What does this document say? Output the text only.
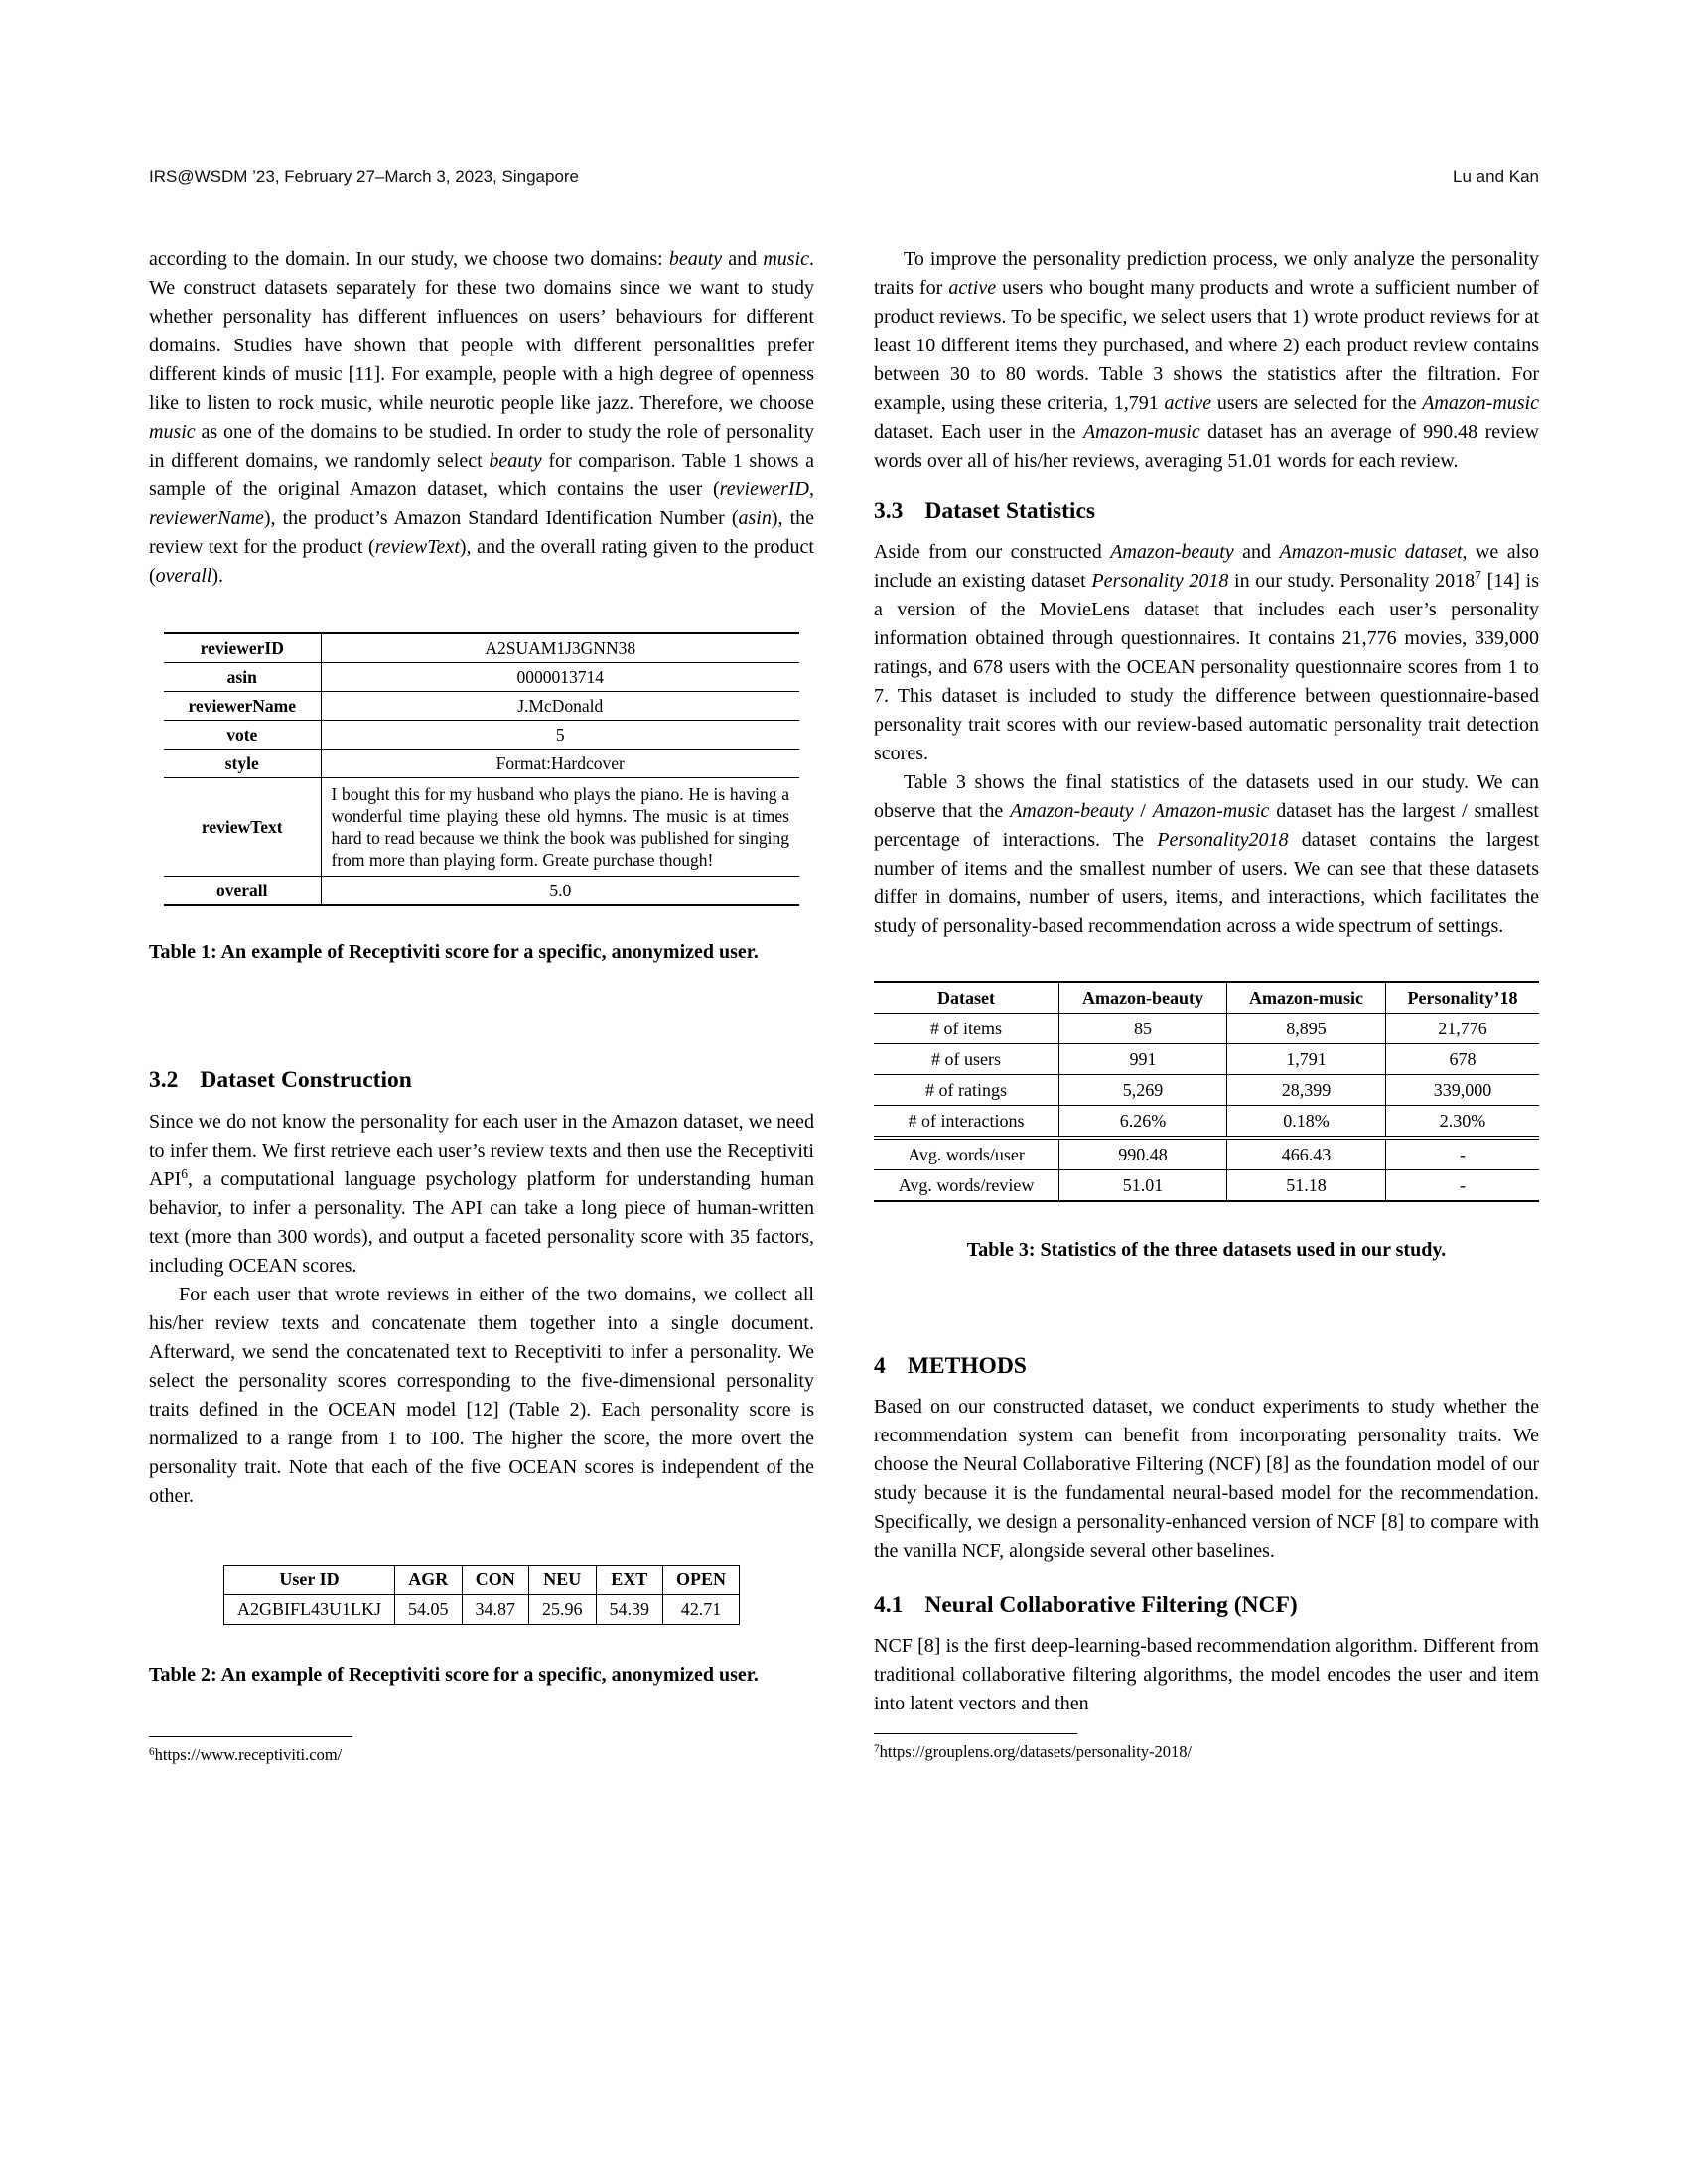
IRS@WSDM ’23, February 27–March 3, 2023, Singapore	Lu and Kan

according to the domain. In our study, we choose two domains: beauty and music. We construct datasets separately for these two domains since we want to study whether personality has different influences on users’ behaviours for different domains. Studies have shown that people with different personalities prefer different kinds of music [11]. For example, people with a high degree of openness like to listen to rock music, while neurotic people like jazz. Therefore, we choose music as one of the domains to be studied. In order to study the role of personality in different domains, we randomly select beauty for comparison. Table 1 shows a sample of the original Amazon dataset, which contains the user (reviewerID, reviewerName), the product’s Amazon Standard Identification Number (asin), the review text for the product (reviewText), and the overall rating given to the product (overall).

reviewerID	A2SUAM1J3GNN38
asin	0000013714
reviewerName	J.McDonald
vote	5
style	Format:Hardcover
reviewText	I bought this for my husband who plays the piano. He is having a wonderful time playing these old hymns. The music is at times hard to read because we think the book was published for singing from more than playing form. Greate purchase though!
overall	5.0

Table 1: An example of Receptiviti score for a specific, anonymized user.

3.2 Dataset Construction

Since we do not know the personality for each user in the Amazon dataset, we need to infer them. We first retrieve each user’s review texts and then use the Receptiviti API$^6$, a computational language psychology platform for understanding human behavior, to infer a personality. The API can take a long piece of human-written text (more than 300 words), and output a faceted personality score with 35 factors, including OCEAN scores.

For each user that wrote reviews in either of the two domains, we collect all his/her review texts and concatenate them together into a single document. Afterward, we send the concatenated text to Receptiviti to infer a personality. We select the personality scores corresponding to the five-dimensional personality traits defined in the OCEAN model [12] (Table 2). Each personality score is normalized to a range from 1 to 100. The higher the score, the more overt the personality trait. Note that each of the five OCEAN scores is independent of the other.

User ID	AGR	CON	NEU	EXT	OPEN
A2GBIFL43U1LKJ	54.05	34.87	25.96	54.39	42.71

Table 2: An example of Receptiviti score for a specific, anonymized user.

$^6$https://www.receptiviti.com/

To improve the personality prediction process, we only analyze the personality traits for active users who bought many products and wrote a sufficient number of product reviews. To be specific, we select users that 1) wrote product reviews for at least 10 different items they purchased, and where 2) each product review contains between 30 to 80 words. Table 3 shows the statistics after the filtration. For example, using these criteria, 1,791 active users are selected for the Amazon-music dataset. Each user in the Amazon-music dataset has an average of 990.48 review words over all of his/her reviews, averaging 51.01 words for each review.

3.3 Dataset Statistics

Aside from our constructed Amazon-beauty and Amazon-music dataset, we also include an existing dataset Personality 2018 in our study. Personality 2018$^7$ [14] is a version of the MovieLens dataset that includes each user’s personality information obtained through questionnaires. It contains 21,776 movies, 339,000 ratings, and 678 users with the OCEAN personality questionnaire scores from 1 to 7. This dataset is included to study the difference between questionnaire-based personality trait scores with our review-based automatic personality trait detection scores.

Table 3 shows the final statistics of the datasets used in our study. We can observe that the Amazon-beauty / Amazon-music dataset has the largest / smallest percentage of interactions. The Personality2018 dataset contains the largest number of items and the smallest number of users. We can see that these datasets differ in domains, number of users, items, and interactions, which facilitates the study of personality-based recommendation across a wide spectrum of settings.

Dataset	Amazon-beauty	Amazon-music	Personality’18
# of items	85	8,895	21,776
# of users	991	1,791	678
# of ratings	5,269	28,399	339,000
# of interactions	6.26%	0.18%	2.30%
Avg. words/user	990.48	466.43	-
Avg. words/review	51.01	51.18	-

Table 3: Statistics of the three datasets used in our study.

4 METHODS

Based on our constructed dataset, we conduct experiments to study whether the recommendation system can benefit from incorporating personality traits. We choose the Neural Collaborative Filtering (NCF) [8] as the foundation model of our study because it is the fundamental neural-based model for the recommendation. Specifically, we design a personality-enhanced version of NCF [8] to compare with the vanilla NCF, alongside several other baselines.

4.1 Neural Collaborative Filtering (NCF)

NCF [8] is the first deep-learning-based recommendation algorithm. Different from traditional collaborative filtering algorithms, the model encodes the user and item into latent vectors and then

$^7$https://grouplens.org/datasets/personality-2018/
